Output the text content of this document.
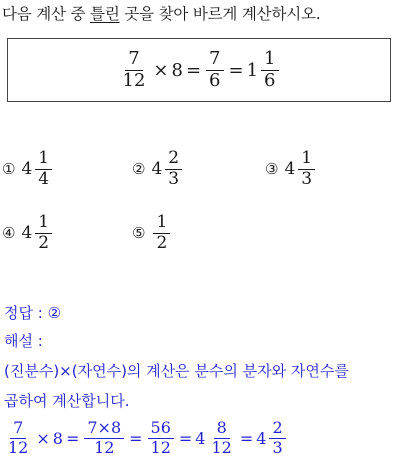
다음 계산 중 틀린 곳을 찾아 바르게 계산하시오.
$\frac{7}{12} \times 8 = \frac{7}{6} = 1 \frac{1}{6}$
① $4 \frac{1}{4}$	② $4 \frac{2}{3}$	③ $4 \frac{1}{3}$
④ $4 \frac{1}{2}$	⑤ $\frac{1}{2}$
정답 : ②
해설 :
(진분수)×(자연수)의 계산은 분수의 분자와 자연수를
곱하여 계산합니다.
$\frac{7}{12} \times 8 = \frac{7\times 8}{12} = \frac{56}{12} = 4 \frac{8}{12} = 4 \frac{2}{3}$
